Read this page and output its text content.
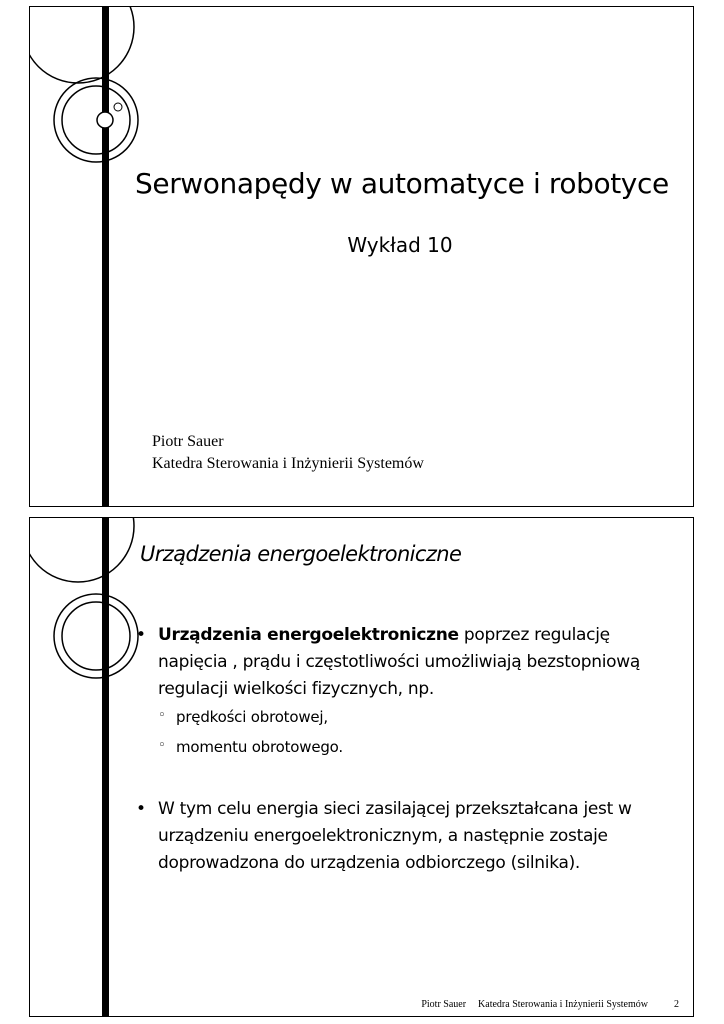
Serwonapędy w automatyce i robotyce
Wykład 10
Piotr Sauer
Katedra Sterowania i Inżynierii Systemów
Urządzenia energoelektroniczne
• Urządzenia energoelektroniczne poprzez regulację napięcia , prądu i częstotliwości umożliwiają bezstopniową regulacji wielkości fizycznych, np.
◦ prędkości obrotowej,
◦ momentu obrotowego.
• W tym celu energia sieci zasilającej przekształcana jest w urządzeniu energoelektronicznym, a następnie zostaje doprowadzona do urządzenia odbiorczego (silnika).
Piotr Sauer Katedra Sterowania i Inżynierii Systemów	2
